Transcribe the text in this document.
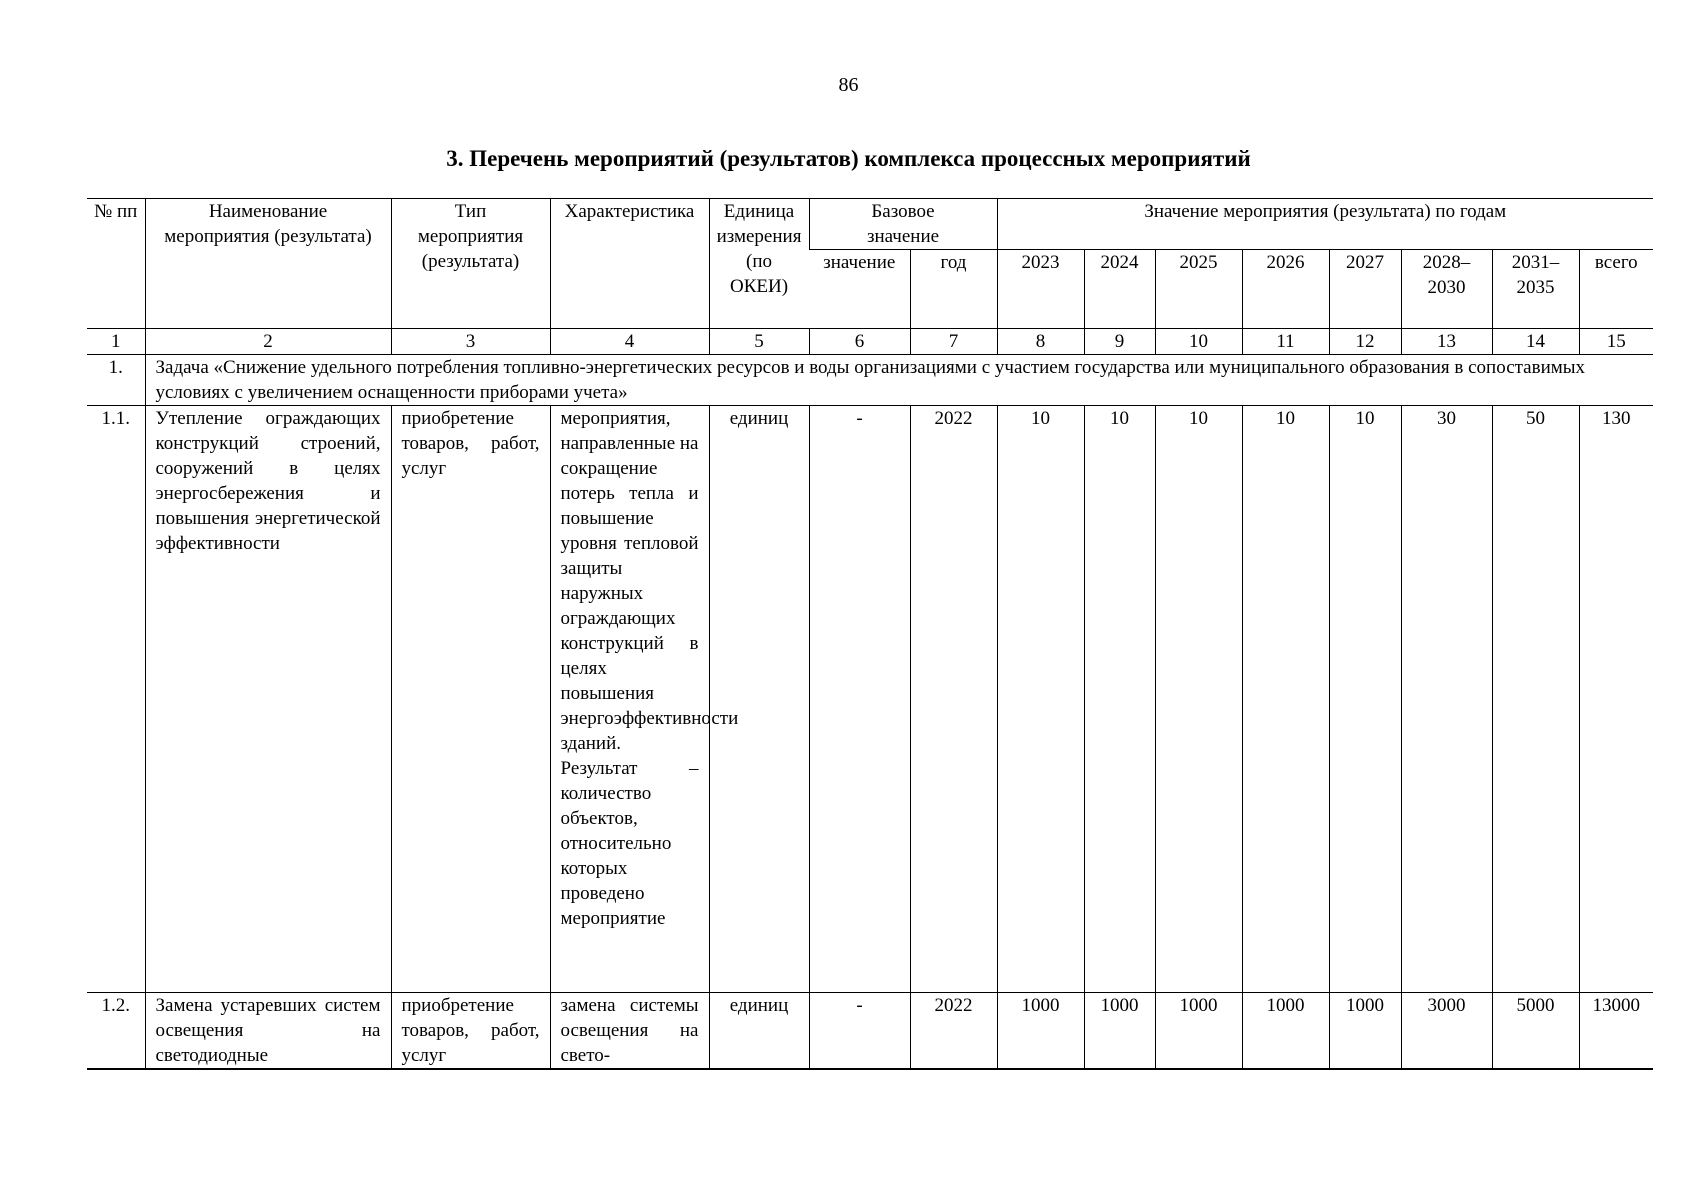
86
3. Перечень мероприятий (результатов) комплекса процессных мероприятий
№ пп	Наименование мероприятия (результата)	Тип мероприятия (результата)	Характеристика	Единица измерения (по ОКЕИ)	Базовое значение		Значение мероприятия (результата) по годам							
					значение	год	2023	2024	2025	2026	2027	2028–2030	2031–2035	всего
1	2	3	4	5	6	7	8	9	10	11	12	13	14	15
1.	Задача «Снижение удельного потребления топливно-энергетических ресурсов и воды организациями с участием государства или муниципального образования в сопоставимых условиях с увеличением оснащенности приборами учета»													
1.1.	Утепление ограждающих конструкций строений, сооружений в целях энергосбережения и повышения энергетической эффективности	приобретение товаров, работ, услуг	мероприятия, направленные на сокращение потерь тепла и повышение уровня тепловой защиты наружных ограждающих конструкций в целях повышения энергоэффективности зданий. Результат – количество объектов, относительно которых проведено мероприятие	единиц	-	2022	10	10	10	10	10	30	50	130
1.2.	Замена устаревших систем освещения на светодиодные	приобретение товаров, работ, услуг	замена системы освещения на свето-	единиц	-	2022	1000	1000	1000	1000	1000	3000	5000	13000
